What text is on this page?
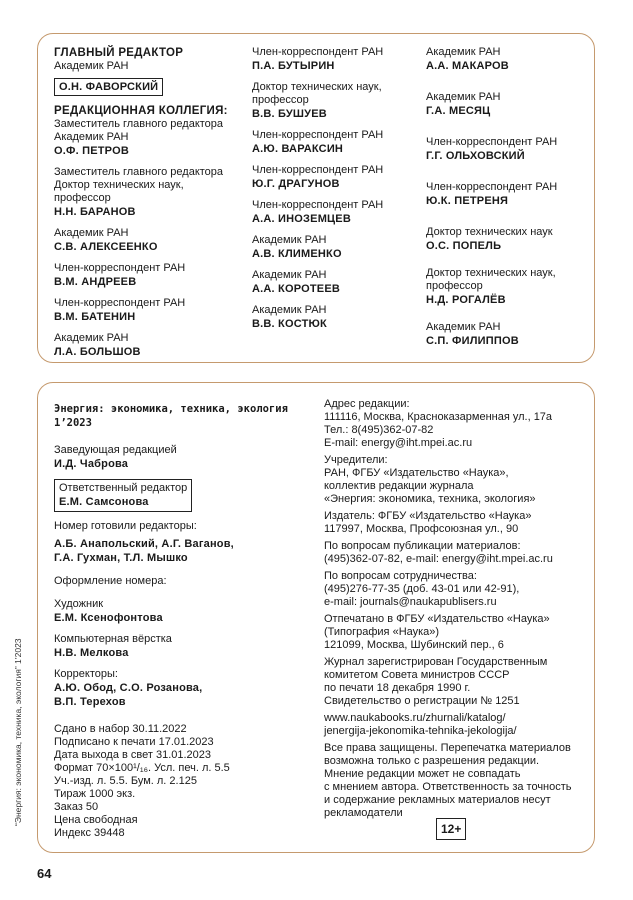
ГЛАВНЫЙ РЕДАКТОР
Академик РАН
О.Н. ФАВОРСКИЙ
РЕДАКЦИОННАЯ КОЛЛЕГИЯ:
Заместитель главного редактора
Академик РАН
О.Ф. ПЕТРОВ
Заместитель главного редактора
Доктор технических наук,
профессор
Н.Н. БАРАНОВ
Академик РАН
С.В. АЛЕКСЕЕНКО
Член-корреспондент РАН
В.М. АНДРЕЕВ
Член-корреспондент РАН
В.М. БАТЕНИН
Академик РАН
Л.А. БОЛЬШОВ
Член-корреспондент РАН
П.А. БУТЫРИН
Доктор технических наук,
профессор
В.В. БУШУЕВ
Член-корреспондент РАН
А.Ю. ВАРАКСИН
Член-корреспондент РАН
Ю.Г. ДРАГУНОВ
Член-корреспондент РАН
А.А. ИНОЗЕМЦЕВ
Академик РАН
А.В. КЛИМЕНКО
Академик РАН
А.А. КОРОТЕЕВ
Академик РАН
В.В. КОСТЮК
Академик РАН
А.А. МАКАРОВ
Академик РАН
Г.А. МЕСЯЦ
Член-корреспондент РАН
Г.Г. ОЛЬХОВСКИЙ
Член-корреспондент РАН
Ю.К. ПЕТРЕНЯ
Доктор технических наук
О.С. ПОПЕЛЬ
Доктор технических наук,
профессор
Н.Д. РОГАЛЁВ
Академик РАН
С.П. ФИЛИППОВ
Энергия: экономика, техника, экология
1’2023
Заведующая редакцией
И.Д. Чаброва
Ответственный редактор
Е.М. Самсонова
Номер готовили редакторы:
А.Б. Анапольский, А.Г. Ваганов,
Г.А. Гухман, Т.Л. Мышко
Оформление номера:
Художник
Е.М. Ксенофонтова
Компьютерная вёрстка
Н.В. Мелкова
Корректоры:
А.Ю. Обод, С.О. Розанова,
В.П. Терехов
Сдано в набор 30.11.2022
Подписано к печати 17.01.2023
Дата выхода в свет 31.01.2023
Формат 70×100¹/₁₆. Усл. печ. л. 5.5
Уч.-изд. л. 5.5. Бум. л. 2.125
Тираж 1000 экз.
Заказ 50
Цена свободная
Индекс 39448
Адрес редакции:
111116, Москва, Красноказарменная ул., 17а
Тел.: 8(495)362-07-82
E-mail: energy@iht.mpei.ac.ru
Учредители:
РАН, ФГБУ «Издательство «Наука»,
коллектив редакции журнала
«Энергия: экономика, техника, экология»
Издатель: ФГБУ «Издательство «Наука»
117997, Москва, Профсоюзная ул., 90
По вопросам публикации материалов:
(495)362-07-82, e-mail: energy@iht.mpei.ac.ru
По вопросам сотрудничества:
(495)276-77-35 (доб. 43-01 или 42-91),
e-mail: journals@naukapublisers.ru
Отпечатано в ФГБУ «Издательство «Наука»
(Типография «Наука»)
121099, Москва, Шубинский пер., 6
Журнал зарегистрирован Государственным
комитетом Совета министров СССР
по печати 18 декабря 1990 г.
Свидетельство о регистрации № 1251
www.naukabooks.ru/zhurnali/katalog/
jenergija-jekonomika-tehnika-jekologija/
Все права защищены. Перепечатка материалов
возможна только с разрешения редакции.
Мнение редакции может не совпадать
с мнением автора. Ответственность за точность
и содержание рекламных материалов несут
рекламодатели
12+
“Энергия: экономика, техника, экология” 1’2023
64
